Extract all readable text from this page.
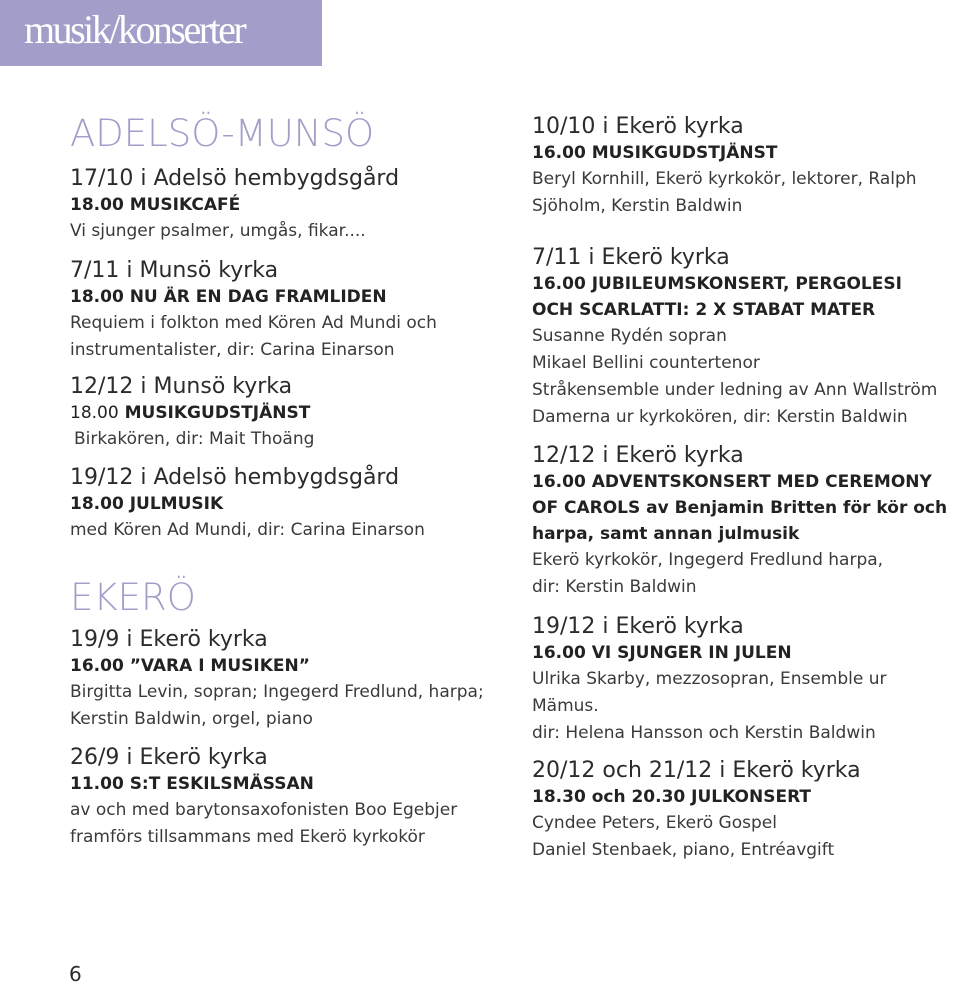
musik/konserter
ADELSÖ-MUNSÖ
17/10 i Adelsö hembygdsgård
18.00 MUSIKCAFÉ
Vi sjunger psalmer, umgås, fikar....
7/11 i Munsö kyrka
18.00 NU ÄR EN DAG FRAMLIDEN
Requiem i folkton med Kören Ad Mundi och
instrumentalister, dir: Carina Einarson
12/12 i Munsö kyrka
18.00 MUSIKGUDSTJÄNST
Birkakören, dir: Mait Thoäng
19/12 i Adelsö hembygdsgård
18.00 JULMUSIK
med Kören Ad Mundi, dir: Carina Einarson
EKERÖ
19/9 i Ekerö kyrka
16.00 ”VARA I MUSIKEN”
Birgitta Levin, sopran; Ingegerd Fredlund, harpa;
Kerstin Baldwin, orgel, piano
26/9 i Ekerö kyrka
11.00 S:T ESKILSMÄSSAN
av och med barytonsaxofonisten Boo Egebjer
framförs tillsammans med Ekerö kyrkokör
10/10 i Ekerö kyrka
16.00 MUSIKGUDSTJÄNST
Beryl Kornhill, Ekerö kyrkokör, lektorer, Ralph
Sjöholm, Kerstin Baldwin
7/11 i Ekerö kyrka
16.00 JUBILEUMSKONSERT, PERGOLESI
OCH SCARLATTI: 2 X STABAT MATER
Susanne Rydén sopran
Mikael Bellini countertenor
Stråkensemble under ledning av Ann Wallström
Damerna ur kyrkokören, dir: Kerstin Baldwin
12/12 i Ekerö kyrka
16.00 ADVENTSKONSERT MED CEREMONY
OF CAROLS av Benjamin Britten för kör och
harpa, samt annan julmusik
Ekerö kyrkokör, Ingegerd Fredlund harpa,
dir: Kerstin Baldwin
19/12 i Ekerö kyrka
16.00 VI SJUNGER IN JULEN
Ulrika Skarby, mezzosopran, Ensemble ur
Mämus.
dir: Helena Hansson och Kerstin Baldwin
20/12 och 21/12 i Ekerö kyrka
18.30 och 20.30 JULKONSERT
Cyndee Peters, Ekerö Gospel
Daniel Stenbaek, piano, Entréavgift
6
